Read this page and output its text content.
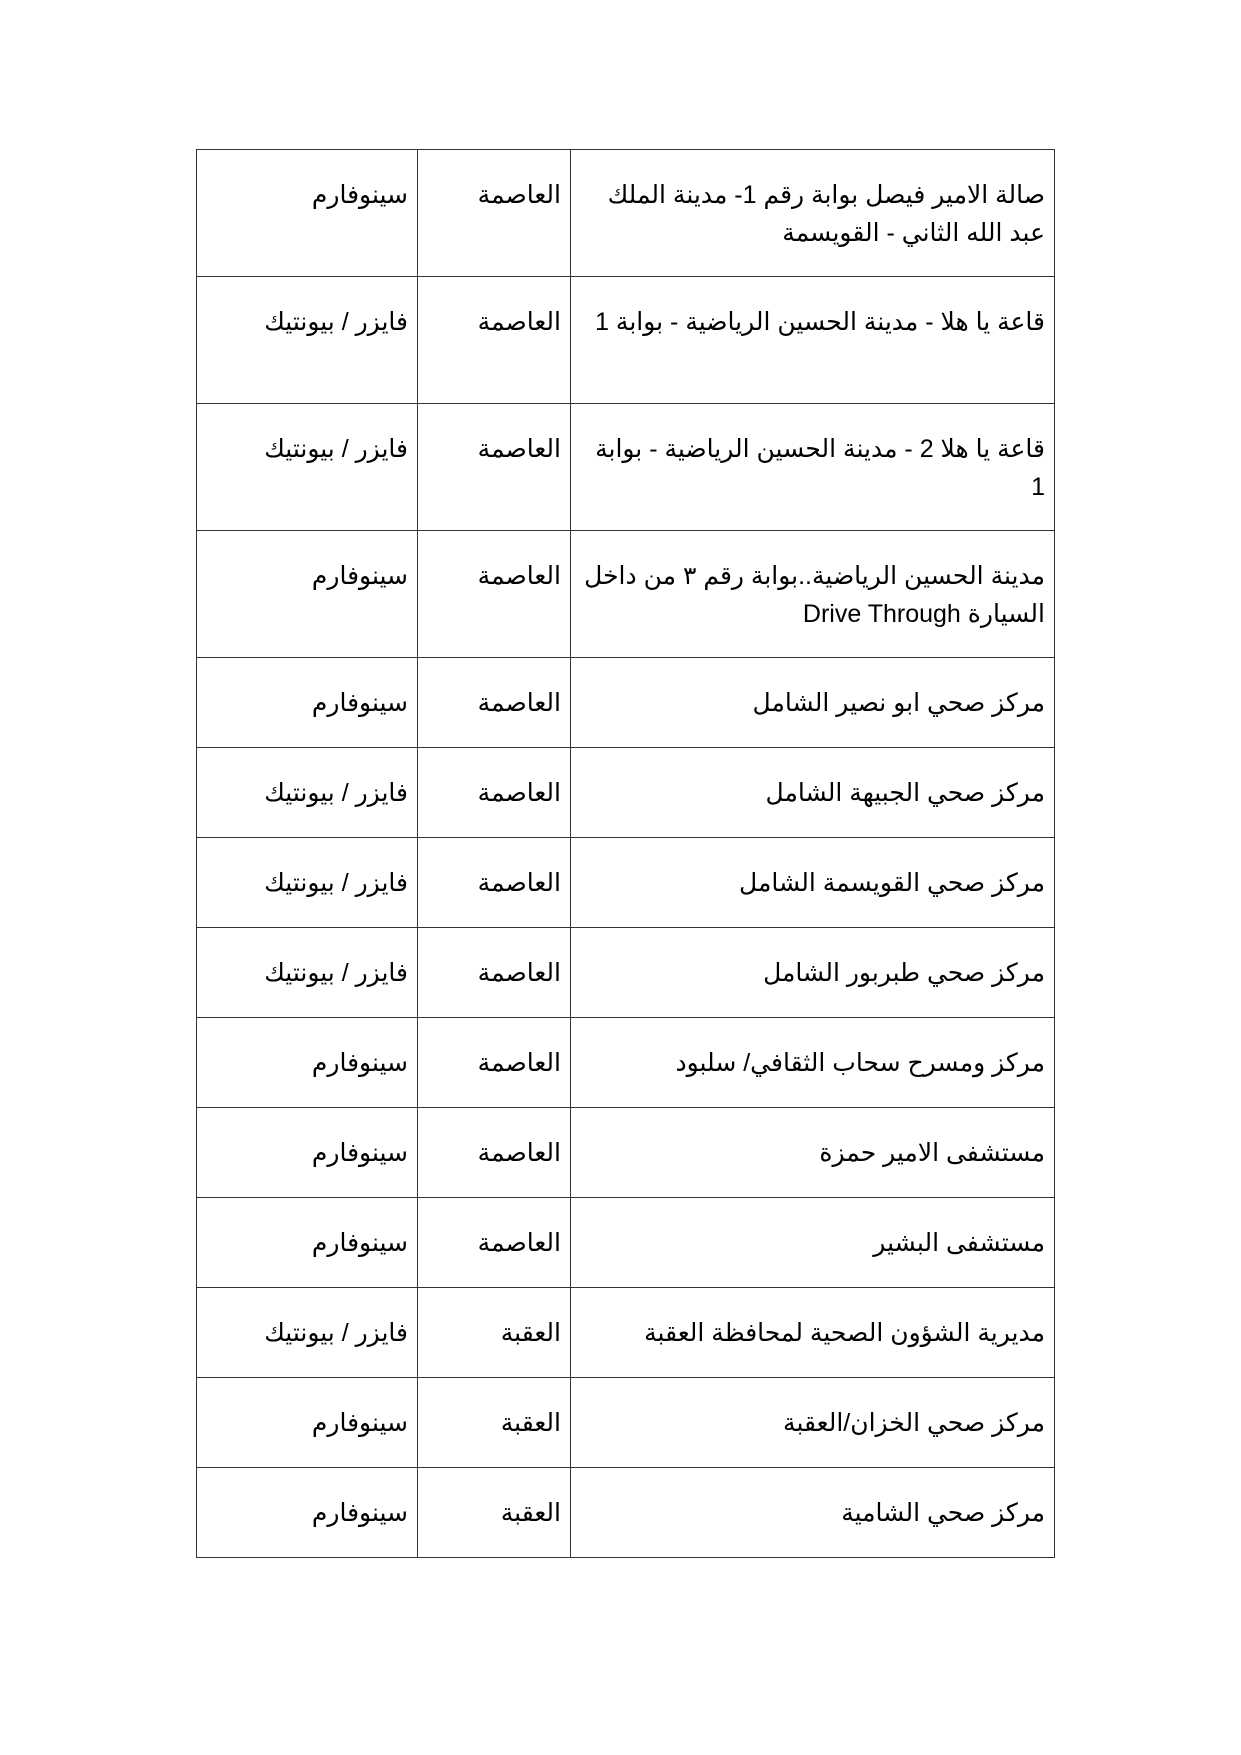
صالة الامير فيصل بوابة رقم 1- مدينة الملك عبد الله الثاني - القويسمة	العاصمة	سينوفارم
قاعة يا هلا - مدينة الحسين الرياضية - بوابة 1	العاصمة	فايزر / بيونتيك
قاعة يا هلا 2 - مدينة الحسين الرياضية - بوابة 1	العاصمة	فايزر / بيونتيك
مدينة الحسين الرياضية..بوابة رقم ٣ من داخل السيارة Drive Through	العاصمة	سينوفارم
مركز صحي ابو نصير الشامل	العاصمة	سينوفارم
مركز صحي الجبيهة الشامل	العاصمة	فايزر / بيونتيك
مركز صحي القويسمة الشامل	العاصمة	فايزر / بيونتيك
مركز صحي طبربور الشامل	العاصمة	فايزر / بيونتيك
مركز ومسرح سحاب الثقافي/ سلبود	العاصمة	سينوفارم
مستشفى الامير حمزة	العاصمة	سينوفارم
مستشفى البشير	العاصمة	سينوفارم
مديرية الشؤون الصحية لمحافظة العقبة	العقبة	فايزر / بيونتيك
مركز صحي الخزان/العقبة	العقبة	سينوفارم
مركز صحي الشامية	العقبة	سينوفارم
